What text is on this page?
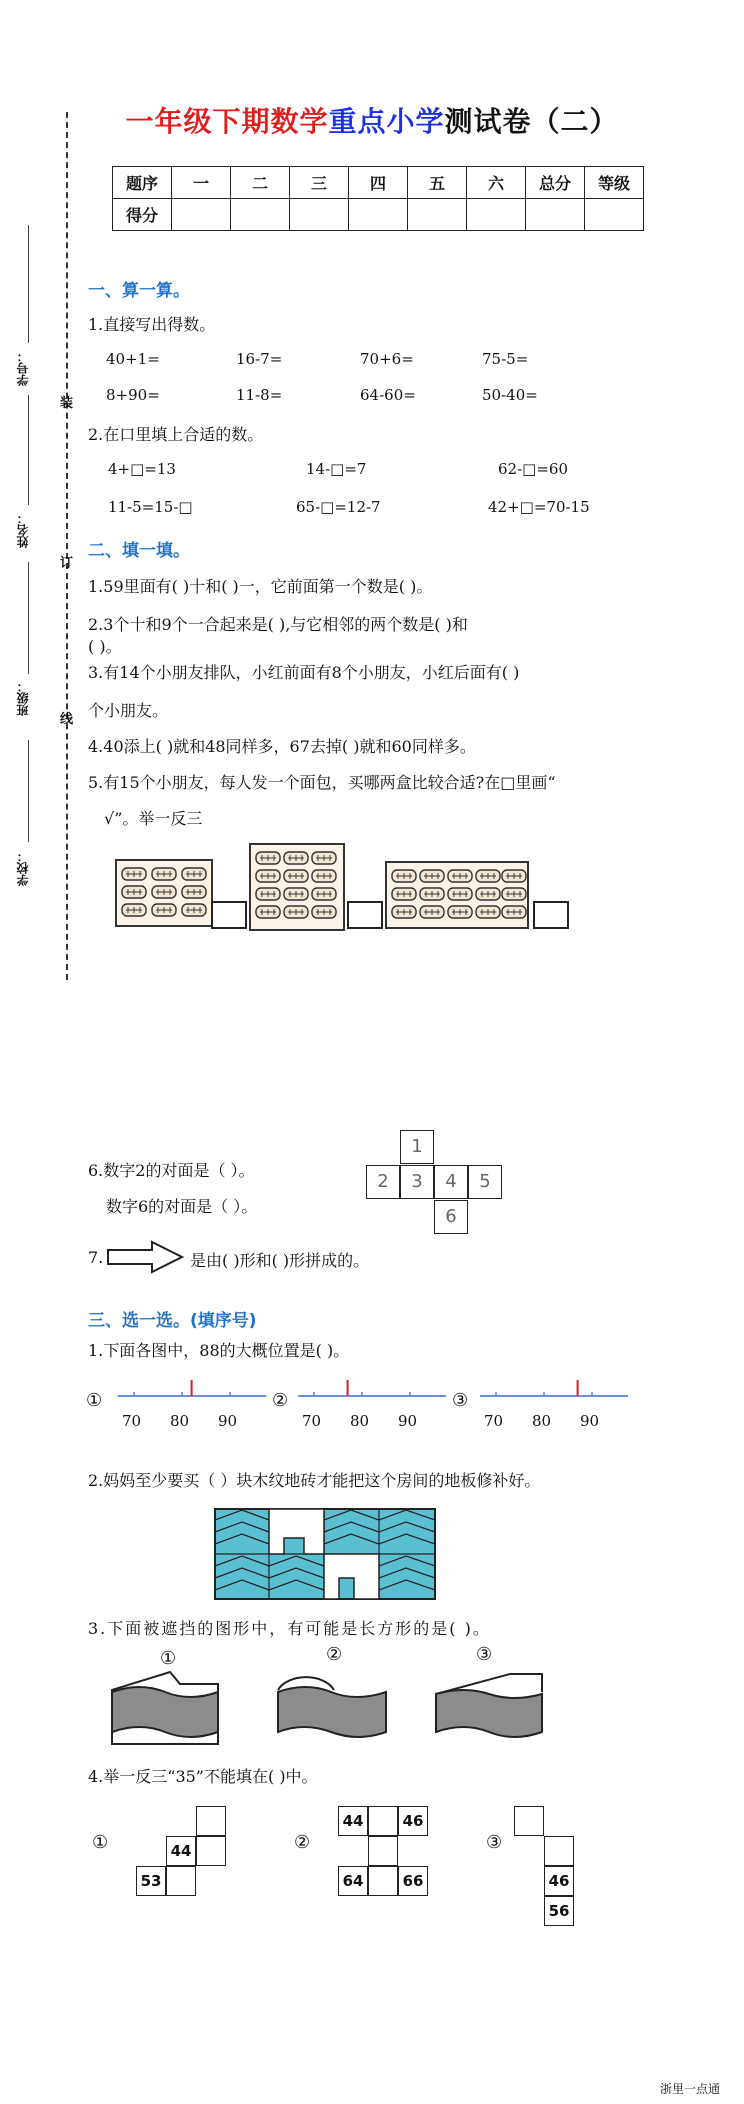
一年级下期数学重点小学测试卷（二）
题序	一	二	三	四	五	六	总分	等级
得分								
装
订
线
学号：
姓名：
班级：
学校：
一、算一算。
1.直接写出得数。
40+1=	16-7=	70+6=	75-5=
8+90=	11-8=	64-60=	50-40=
2.在口里填上合适的数。
4+□=13	14-□=7	62-□=60
11-5=15-□	65-□=12-7	42+□=70-15
二、填一填。
1.59里面有( )十和( )一，它前面第一个数是( )。
2.3个十和9个一合起来是( ),与它相邻的两个数是( )和
( )。
3.有14个小朋友排队，小红前面有8个小朋友，小红后面有( )
个小朋友。
4.40添上( )就和48同样多，67去掉( )就和60同样多。
5.有15个小朋友，每人发一个面包，买哪两盒比较合适?在□里画“
√”。举一反三
6.数字2的对面是（ ）。
数字6的对面是（ ）。
1
2	3	4	5
6
7.	是由( )形和( )形拼成的。
三、选一选。(填序号)
1.下面各图中，88的大概位置是( )。
①	②	③
70 80 90	70 80 90	70 80 90
2.妈妈至少要买（ ）块木纹地砖才能把这个房间的地板修补好。
3.下面被遮挡的图形中，有可能是长方形的是( )。
①	②	③
4.举一反三“35”不能填在( )中。
①	②	③
44
53
44	46
64	66	46
56
浙里一点通
